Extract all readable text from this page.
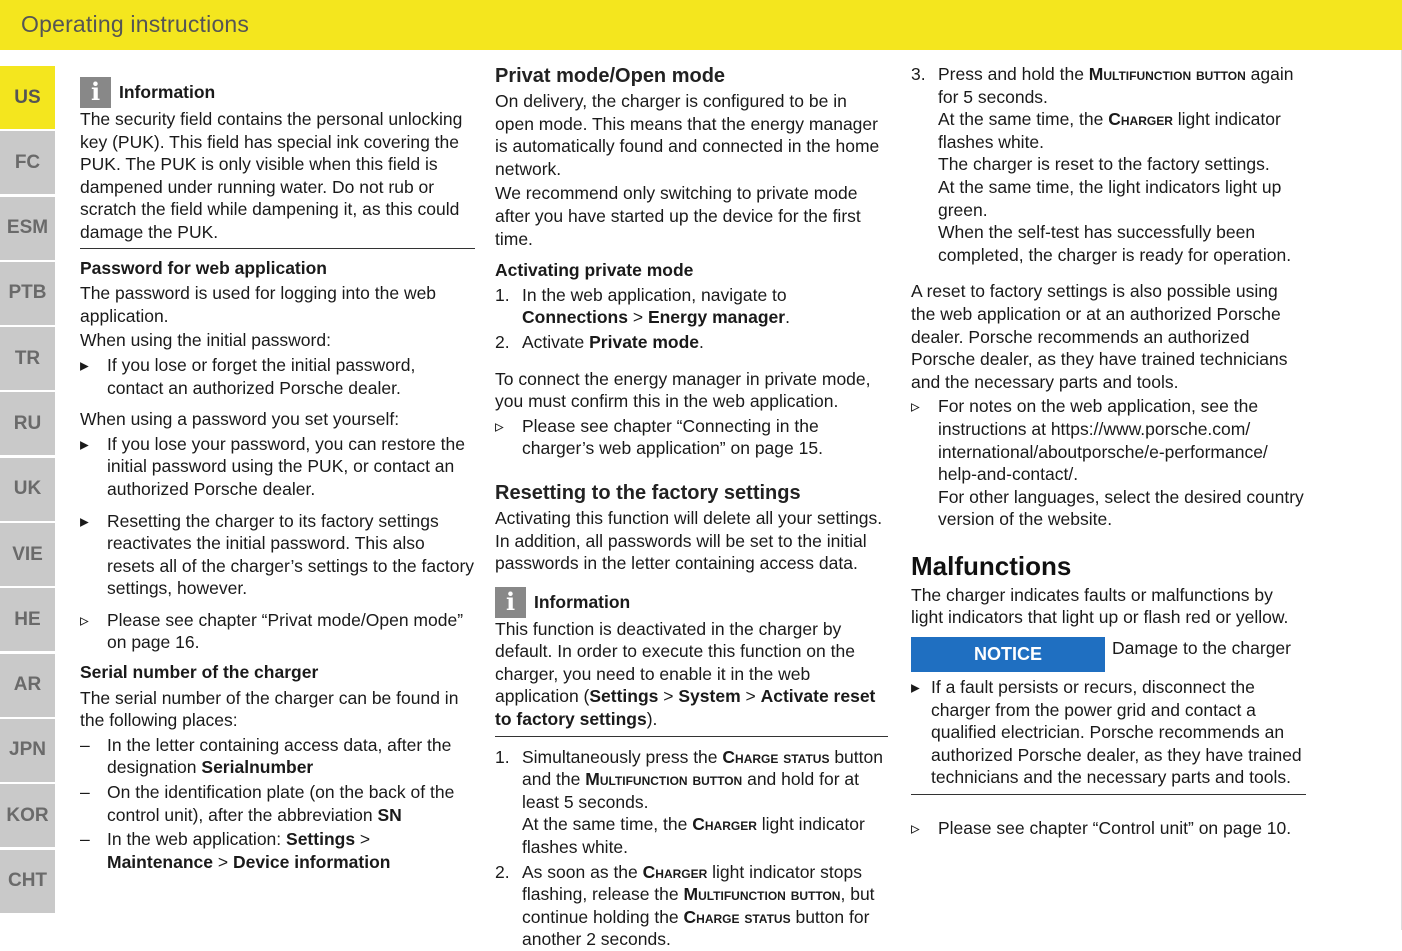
Operating instructions
US
FC
ESM
PTB
TR
RU
UK
VIE
HE
AR
JPN
KOR
CHT
i	Information

The security field contains the personal unlocking key (PUK). This field has special ink covering the PUK. The PUK is only visible when this field is dampened under running water. Do not rub or scratch the field while dampening it, as this could damage the PUK.

Password for web application

The password is used for logging into the web application.

When using the initial password:

▸	If you lose or forget the initial password, contact an authorized Porsche dealer.

When using a password you set yourself:

▸	If you lose your password, you can restore the initial password using the PUK, or contact an authorized Porsche dealer.
▸	Resetting the charger to its factory settings reactivates the initial password. This also resets all of the charger’s settings to the factory settings, however.
▹	Please see chapter “Privat mode/Open mode” on page 16.

Serial number of the charger

The serial number of the charger can be found in the following places:

– In the letter containing access data, after the designation Serialnumber
– On the identification plate (on the back of the control unit), after the abbreviation SN
– In the web application: Settings > Maintenance > Device information

Privat mode/Open mode

On delivery, the charger is configured to be in open mode. This means that the energy manager is automatically found and connected in the home network.

We recommend only switching to private mode after you have started up the device for the first time.

Activating private mode

1. In the web application, navigate to Connections > Energy manager.
2. Activate Private mode.

To connect the energy manager in private mode, you must confirm this in the web application.

▹	Please see chapter “Connecting in the charger’s web application” on page 15.

Resetting to the factory settings

Activating this function will delete all your settings. In addition, all passwords will be set to the initial passwords in the letter containing access data.

i	Information

This function is deactivated in the charger by default. In order to execute this function on the charger, you need to enable it in the web application (Settings > System > Activate reset to factory settings).

1. Simultaneously press the Charge status button and the Multifunction button and hold for at least 5 seconds.
At the same time, the Charger light indicator flashes white.
2. As soon as the Charger light indicator stops flashing, release the Multifunction button, but continue holding the Charge status button for another 2 seconds.
3. Press and hold the Multifunction button again for 5 seconds.
At the same time, the Charger light indicator flashes white.
The charger is reset to the factory settings.
At the same time, the light indicators light up green.
When the self-test has successfully been completed, the charger is ready for operation.

A reset to factory settings is also possible using the web application or at an authorized Porsche dealer. Porsche recommends an authorized Porsche dealer, as they have trained technicians and the necessary parts and tools.

▹	For notes on the web application, see the instructions at https://www.porsche.com/ international/aboutporsche/e-performance/ help-and-contact/.
For other languages, select the desired country version of the website.

Malfunctions

The charger indicates faults or malfunctions by light indicators that light up or flash red or yellow.

NOTICE	Damage to the charger
▸ If a fault persists or recurs, disconnect the charger from the power grid and contact a qualified electrician. Porsche recommends an authorized Porsche dealer, as they have trained technicians and the necessary parts and tools.
▹	Please see chapter “Control unit” on page 10.
